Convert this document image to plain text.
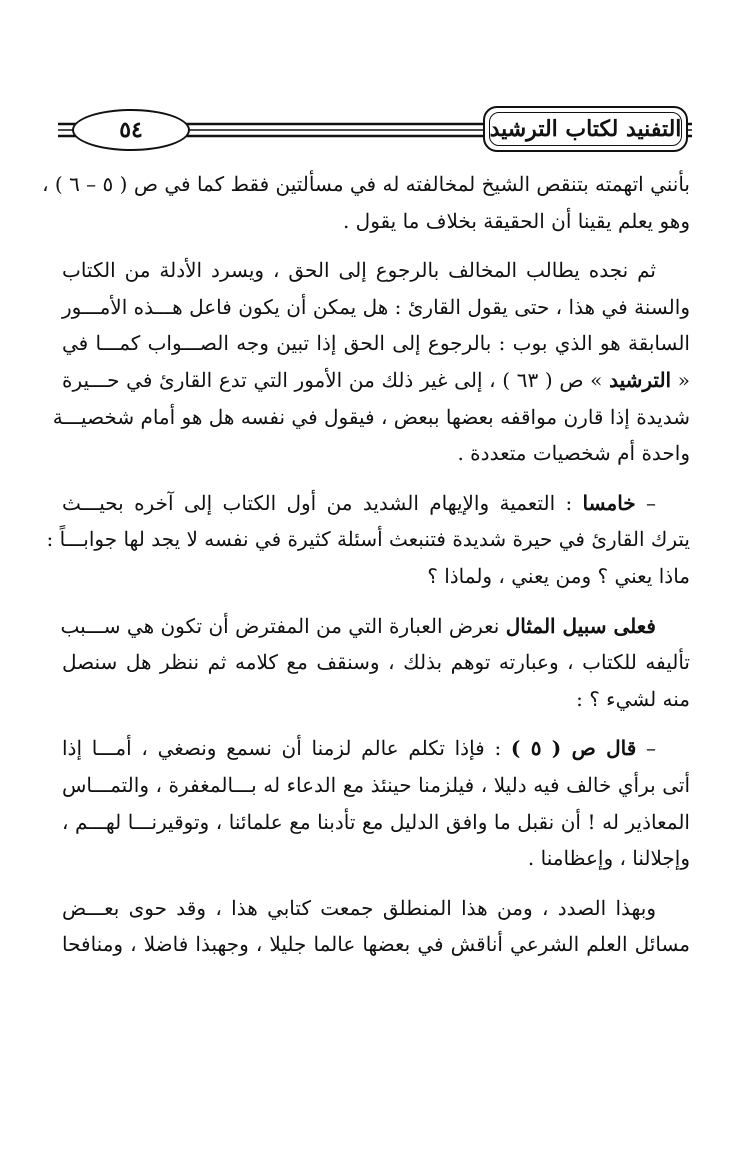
٥٤	التفنيد لكتاب الترشيد
بأنني اتهمته بتنقص الشيخ لمخالفته له في مسألتين فقط كما في ص ( ٥ – ٦ ) ،
وهو يعلم يقينا أن الحقيقة بخلاف ما يقول .
ثم نجده يطالب المخالف بالرجوع إلى الحق ، ويسرد الأدلة من الكتاب
والسنة في هذا ، حتى يقول القارئ : هل يمكن أن يكون فاعل هـــذه الأمـــور
السابقة هو الذي بوب : بالرجوع إلى الحق إذا تبين وجه الصـــواب كمـــا في
« الترشيد » ص ( ٦٣ ) ، إلى غير ذلك من الأمور التي تدع القارئ في حـــيرة
شديدة إذا قارن مواقفه بعضها ببعض ، فيقول في نفسه هل هو أمام شخصيـــة
واحدة أم شخصيات متعددة .
– خامسا : التعمية والإيهام الشديد من أول الكتاب إلى آخره بحيـــث
يترك القارئ في حيرة شديدة فتنبعث أسئلة كثيرة في نفسه لا يجد لها جوابـــاً :
ماذا يعني ؟ ومن يعني ، ولماذا ؟
فعلى سبيل المثال نعرض العبارة التي من المفترض أن تكون هي ســـبب
تأليفه للكتاب ، وعبارته توهم بذلك ، وسنقف مع كلامه ثم ننظر هل سنصل
منه لشيء ؟ :
– قال ص ( ٥ ) : فإذا تكلم عالم لزمنا أن نسمع ونصغي ، أمـــا إذا
أتى برأي خالف فيه دليلا ، فيلزمنا حينئذ مع الدعاء له بـــالمغفرة ، والتمـــاس
المعاذير له ! أن نقبل ما وافق الدليل مع تأدبنا مع علمائنا ، وتوقيرنـــا لهـــم ،
وإجلالنا ، وإعظامنا .
وبهذا الصدد ، ومن هذا المنطلق جمعت كتابي هذا ، وقد حوى بعـــض
مسائل العلم الشرعي أناقش في بعضها عالما جليلا ، وجهبذا فاضلا ، ومنافحا
